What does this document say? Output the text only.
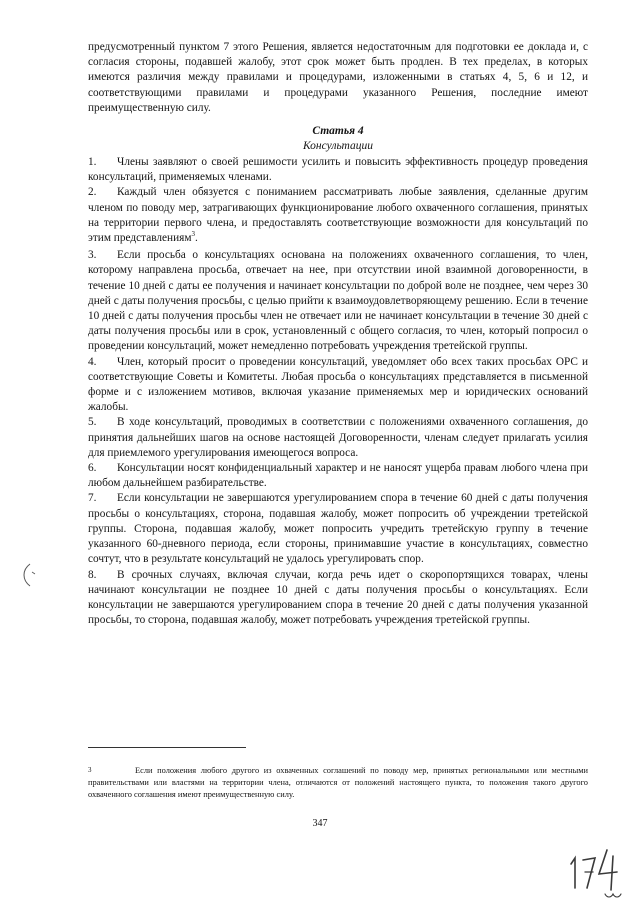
предусмотренный пунктом 7 этого Решения, является недостаточным для подготовки ее доклада и, с согласия стороны, подавшей жалобу, этот срок может быть продлен. В тех пределах, в которых имеются различия между правилами и процедурами, изложенными в статьях 4, 5, 6 и 12, и соответствующими правилами и процедурами указанного Решения, последние имеют преимущественную силу.

Статья 4

Консультации

1. Члены заявляют о своей решимости усилить и повысить эффективность процедур проведения консультаций, применяемых членами.

2. Каждый член обязуется с пониманием рассматривать любые заявления, сделанные другим членом по поводу мер, затрагивающих функционирование любого охваченного соглашения, принятых на территории первого члена, и предоставлять соответствующие возможности для консультаций по этим представлениям$^3$.

3. Если просьба о консультациях основана на положениях охваченного соглашения, то член, которому направлена просьба, отвечает на нее, при отсутствии иной взаимной договоренности, в течение 10 дней с даты ее получения и начинает консультации по доброй воле не позднее, чем через 30 дней с даты получения просьбы, с целью прийти к взаимоудовлетворяющему решению. Если в течение 10 дней с даты получения просьбы член не отвечает или не начинает консультации в течение 30 дней с даты получения просьбы или в срок, установленный с общего согласия, то член, который попросил о проведении консультаций, может немедленно потребовать учреждения третейской группы.

4. Член, который просит о проведении консультаций, уведомляет обо всех таких просьбах ОРС и соответствующие Советы и Комитеты. Любая просьба о консультациях представляется в письменной форме и с изложением мотивов, включая указание применяемых мер и юридических оснований жалобы.

5. В ходе консультаций, проводимых в соответствии с положениями охваченного соглашения, до принятия дальнейших шагов на основе настоящей Договоренности, членам следует прилагать усилия для приемлемого урегулирования имеющегося вопроса.

6. Консультации носят конфиденциальный характер и не наносят ущерба правам любого члена при любом дальнейшем разбирательстве.

7. Если консультации не завершаются урегулированием спора в течение 60 дней с даты получения просьбы о консультациях, сторона, подавшая жалобу, может попросить об учреждении третейской группы. Сторона, подавшая жалобу, может попросить учредить третейскую группу в течение указанного 60-дневного периода, если стороны, принимавшие участие в консультациях, совместно сочтут, что в результате консультаций не удалось урегулировать спор.

8. В срочных случаях, включая случаи, когда речь идет о скоропортящихся товарах, члены начинают консультации не позднее 10 дней с даты получения просьбы о консультациях. Если консультации не завершаются урегулированием спора в течение 20 дней с даты получения указанной просьбы, то сторона, подавшая жалобу, может потребовать учреждения третейской группы.

3	Если положения любого другого из охваченных соглашений по поводу мер, принятых региональными или местными правительствами или властями на территории члена, отличаются от положений настоящего пункта, то положения такого другого охваченного соглашения имеют преимущественную силу.

347
